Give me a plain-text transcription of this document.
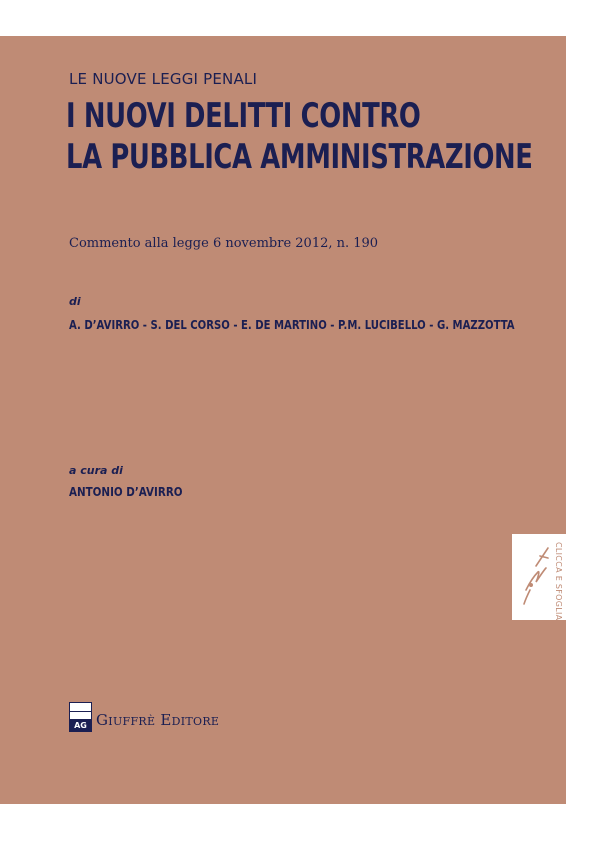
LE NUOVE LEGGI PENALI
I NUOVI DELITTI CONTRO
LA PUBBLICA AMMINISTRAZIONE
Commento alla legge 6 novembre 2012, n. 190
di
A. D’AVIRRO - S. DEL CORSO - E. DE MARTINO - P.M. LUCIBELLO - G. MAZZOTTA
a cura di
ANTONIO D’AVIRRO
CLICCA E SFOGLIA
AG GIUFFRÈ EDITORE
